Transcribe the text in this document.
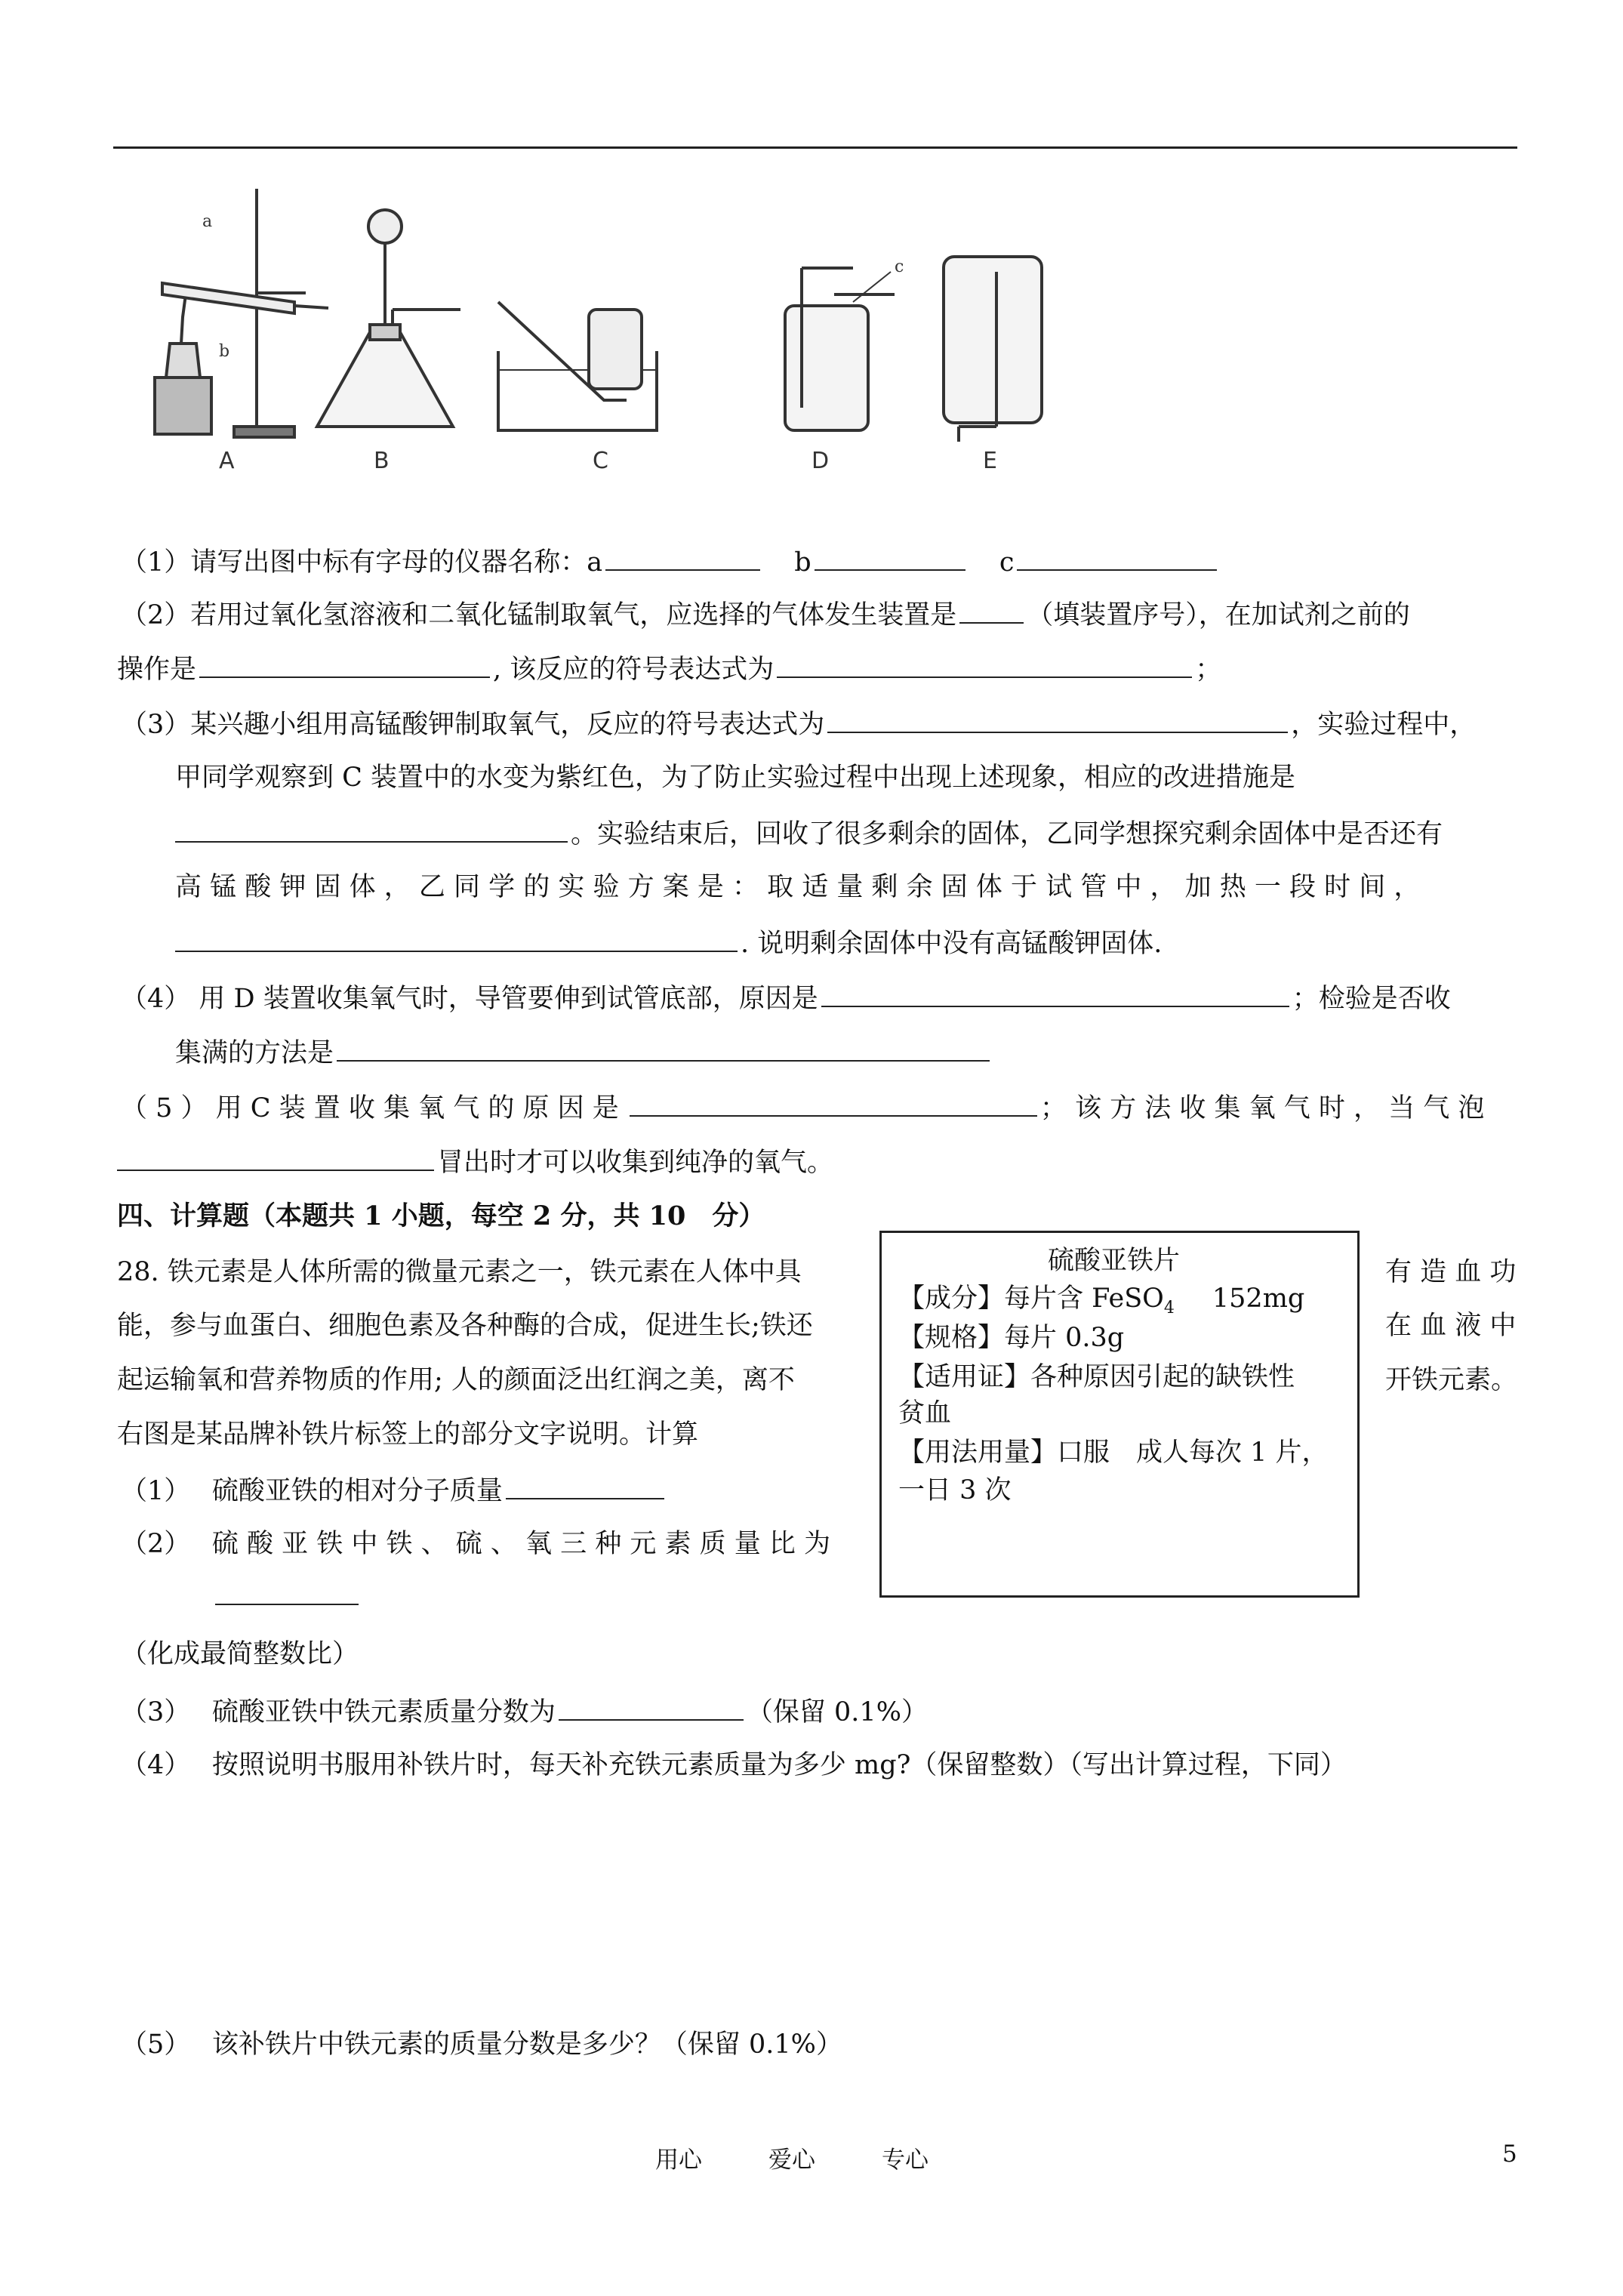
a
b
c
A	B	C	D	E
（1）请写出图中标有字母的仪器名称：a	b	c
（2）若用过氧化氢溶液和二氧化锰制取氧气，应选择的气体发生装置是	（填装置序号），在加试剂之前的
操作是	, 该反应的符号表达式为	；
（3）某兴趣小组用高锰酸钾制取氧气，反应的符号表达式为	，实验过程中，
甲同学观察到 C 装置中的水变为紫红色，为了防止实验过程中出现上述现象，相应的改进措施是
。实验结束后，回收了很多剩余的固体，乙同学想探究剩余固体中是否还有
高 锰 酸 钾 固 体 ， 乙 同 学 的 实 验 方 案 是 ： 取 适 量 剩 余 固 体 于 试 管 中 ， 加 热 一 段 时 间 ，
. 说明剩余固体中没有高锰酸钾固体.
（4） 用 D 装置收集氧气时，导管要伸到试管底部，原因是	；检验是否收
集满的方法是
（ 5 ） 用 C 装 置 收 集 氧 气 的 原 因 是	； 该 方 法 收 集 氧 气 时 ， 当 气 泡
冒出时才可以收集到纯净的氧气。
四、计算题（本题共 1 小题，每空 2 分，共 10　分）
28. 铁元素是人体所需的微量元素之一，铁元素在人体中具
能，参与血蛋白、细胞色素及各种酶的合成，促进生长;铁还
起运输氧和营养物质的作用; 人的颜面泛出红润之美，离不
右图是某品牌补铁片标签上的部分文字说明。计算
有 造 血 功
在 血 液 中
开铁元素。
硫酸亚铁片
【成分】每片含 FeSO$_4$ 152mg
【规格】每片 0.3g
【适用证】各种原因引起的缺铁性
贫血
【用法用量】口服　成人每次 1 片，
一日 3 次
（1）　 硫酸亚铁的相对分子质量
（2）　 硫 酸 亚 铁 中 铁 、 硫 、 氧 三 种 元 素 质 量 比 为
（化成最简整数比）
（3）　 硫酸亚铁中铁元素质量分数为	（保留 0.1%）
（4）　 按照说明书服用补铁片时，每天补充铁元素质量为多少 mg?（保留整数）（写出计算过程，下同）
（5）　 该补铁片中铁元素的质量分数是多少？（保留 0.1%）
用心	爱心	专心	5
